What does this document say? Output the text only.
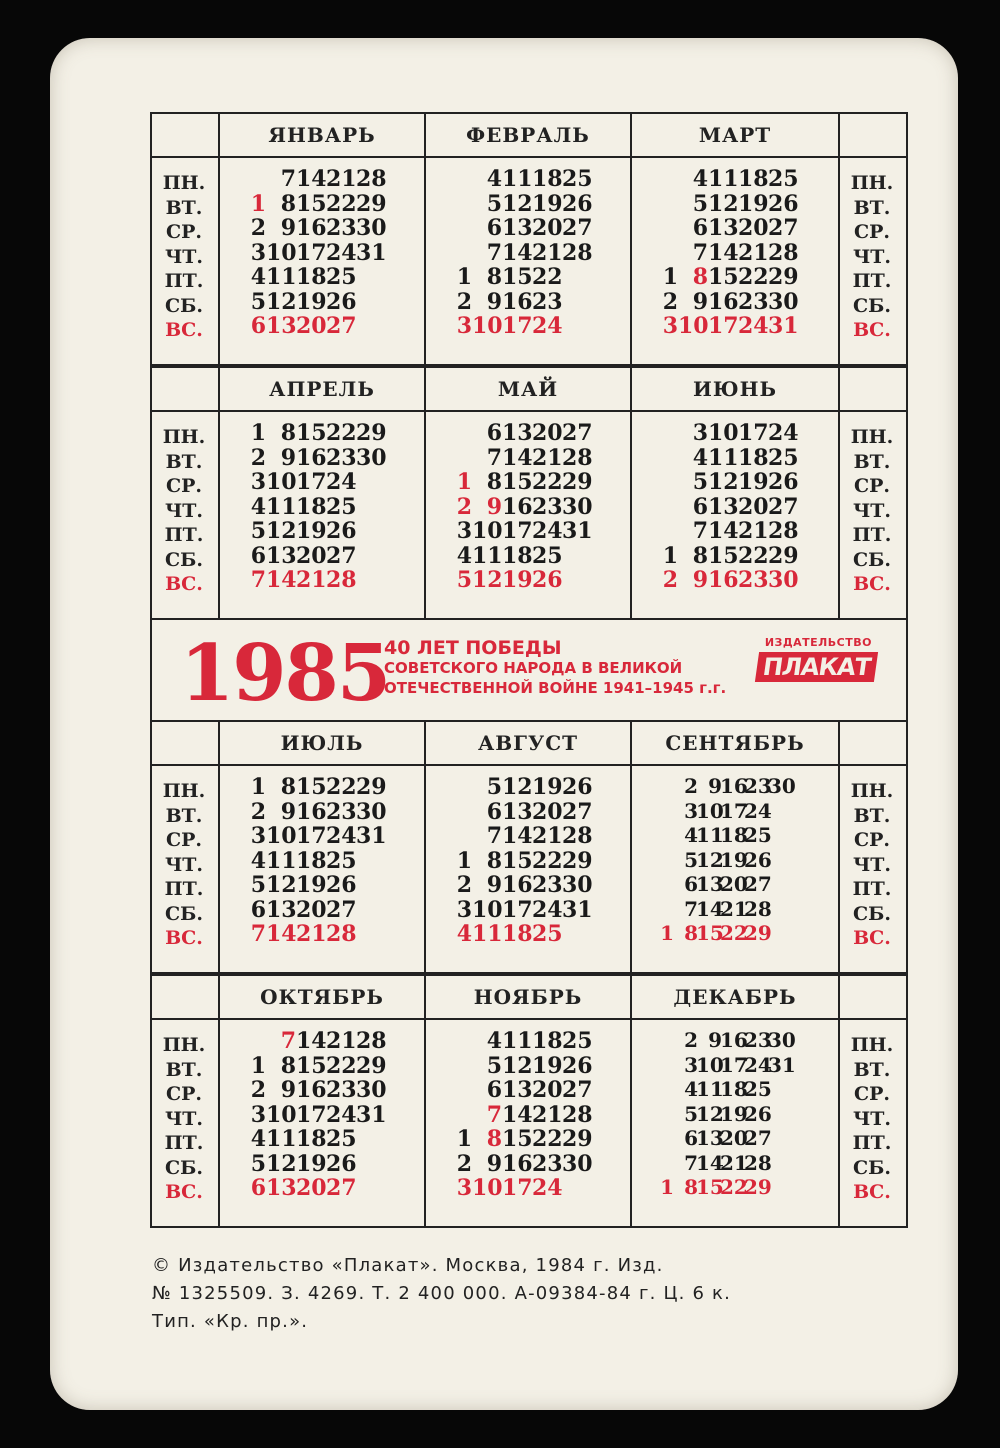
ПН.
ВТ.
СР.
ЧТ.
ПТ.
СБ.
ВС.
ПН.
ВТ.
СР.
ЧТ.
ПТ.
СБ.
ВС.
ЯНВАРЬ
1
2
3
4
5
6
7
8
9
10
11
12
13
14
15
16
17
18
19
20
21
22
23
24
25
26
27
28
29
30
31
ФЕВРАЛЬ
1
2
3
4
5
6
7
8
9
10
11
12
13
14
15
16
17
18
19
20
21
22
23
24
25
26
27
28
МАРТ
1
2
3
4
5
6
7
8
9
10
11
12
13
14
15
16
17
18
19
20
21
22
23
24
25
26
27
28
29
30
31
ПН.
ВТ.
СР.
ЧТ.
ПТ.
СБ.
ВС.
ПН.
ВТ.
СР.
ЧТ.
ПТ.
СБ.
ВС.
АПРЕЛЬ
1
2
3
4
5
6
7
8
9
10
11
12
13
14
15
16
17
18
19
20
21
22
23
24
25
26
27
28
29
30
МАЙ
1
2
3
4
5
6
7
8
9
10
11
12
13
14
15
16
17
18
19
20
21
22
23
24
25
26
27
28
29
30
31
ИЮНЬ
1
2
3
4
5
6
7
8
9
10
11
12
13
14
15
16
17
18
19
20
21
22
23
24
25
26
27
28
29
30
ПН.
ВТ.
СР.
ЧТ.
ПТ.
СБ.
ВС.
ПН.
ВТ.
СР.
ЧТ.
ПТ.
СБ.
ВС.
ИЮЛЬ
1
2
3
4
5
6
7
8
9
10
11
12
13
14
15
16
17
18
19
20
21
22
23
24
25
26
27
28
29
30
31
АВГУСТ
1
2
3
4
5
6
7
8
9
10
11
12
13
14
15
16
17
18
19
20
21
22
23
24
25
26
27
28
29
30
31
СЕНТЯБРЬ
1
2
3
4
5
6
7
8
9
10
11
12
13
14
15
16
17
18
19
20
21
22
23
24
25
26
27
28
29
30
ПН.
ВТ.
СР.
ЧТ.
ПТ.
СБ.
ВС.
ПН.
ВТ.
СР.
ЧТ.
ПТ.
СБ.
ВС.
ОКТЯБРЬ
1
2
3
4
5
6
7
8
9
10
11
12
13
14
15
16
17
18
19
20
21
22
23
24
25
26
27
28
29
30
31
НОЯБРЬ
1
2
3
4
5
6
7
8
9
10
11
12
13
14
15
16
17
18
19
20
21
22
23
24
25
26
27
28
29
30
ДЕКАБРЬ
1
2
3
4
5
6
7
8
9
10
11
12
13
14
15
16
17
18
19
20
21
22
23
24
25
26
27
28
29
30
31
1985
40 ЛЕТ ПОБЕДЫ
СОВЕТСКОГО НАРОДА В ВЕЛИКОЙ
ОТЕЧЕСТВЕННОЙ ВОЙНЕ 1941–1945 г.г.
ИЗДАТЕЛЬСТВО
ПЛАКАТ
© Издательство «Плакат». Москва, 1984 г. Изд.
№ 1325509. З. 4269. Т. 2 400 000. А-09384-84 г. Ц. 6 к.
Тип. «Кр. пр.».
